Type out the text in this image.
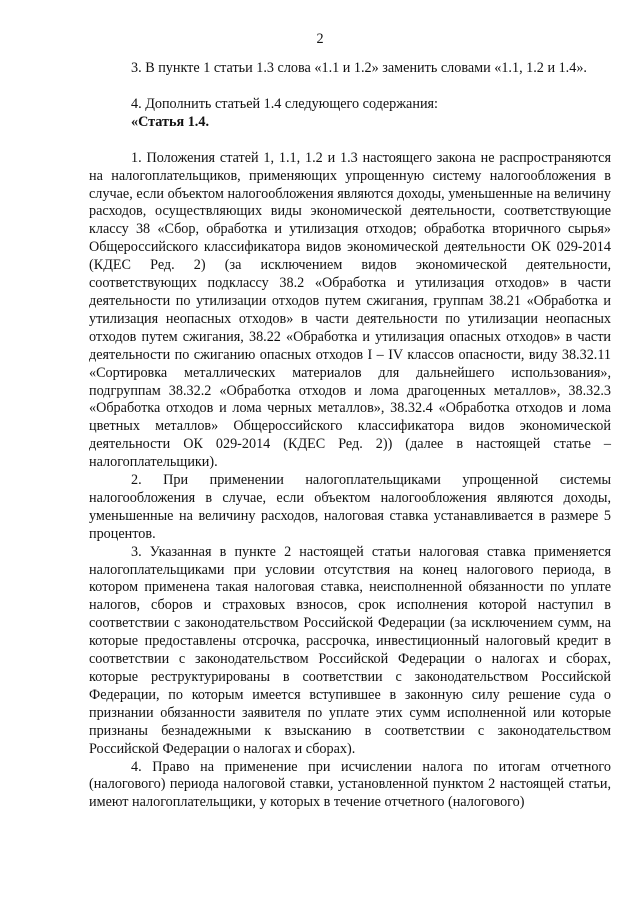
2

3. В пункте 1 статьи 1.3 слова «1.1 и 1.2» заменить словами «1.1, 1.2 и 1.4».

4. Дополнить статьей 1.4 следующего содержания:

«Статья 1.4.

1. Положения статей 1, 1.1, 1.2 и 1.3 настоящего закона не распространяются на налогоплательщиков, применяющих упрощенную систему налогообложения в случае, если объектом налогообложения являются доходы, уменьшенные на величину расходов, осуществляющих виды экономической деятельности, соответствующие классу 38 «Сбор, обработка и утилизация отходов; обработка вторичного сырья» Общероссийского классификатора видов экономической деятельности ОК 029-2014 (КДЕС Ред. 2) (за исключением видов экономической деятельности, соответствующих подклассу 38.2 «Обработка и утилизация отходов» в части деятельности по утилизации отходов путем сжигания, группам 38.21 «Обработка и утилизация неопасных отходов» в части деятельности по утилизации неопасных отходов путем сжигания, 38.22 «Обработка и утилизация опасных отходов» в части деятельности по сжиганию опасных отходов I – IV классов опасности, виду 38.32.11 «Сортировка металлических материалов для дальнейшего использования», подгруппам 38.32.2 «Обработка отходов и лома драгоценных металлов», 38.32.3 «Обработка отходов и лома черных металлов», 38.32.4 «Обработка отходов и лома цветных металлов» Общероссийского классификатора видов экономической деятельности ОК 029-2014 (КДЕС Ред. 2)) (далее в настоящей статье – налогоплательщики).

2. При применении налогоплательщиками упрощенной системы налогообложения в случае, если объектом налогообложения являются доходы, уменьшенные на величину расходов, налоговая ставка устанавливается в размере 5 процентов.

3. Указанная в пункте 2 настоящей статьи налоговая ставка применяется налогоплательщиками при условии отсутствия на конец налогового периода, в котором применена такая налоговая ставка, неисполненной обязанности по уплате налогов, сборов и страховых взносов, срок исполнения которой наступил в соответствии с законодательством Российской Федерации (за исключением сумм, на которые предоставлены отсрочка, рассрочка, инвестиционный налоговый кредит в соответствии с законодательством Российской Федерации о налогах и сборах, которые реструктурированы в соответствии с законодательством Российской Федерации, по которым имеется вступившее в законную силу решение суда о признании обязанности заявителя по уплате этих сумм исполненной или которые признаны безнадежными к взысканию в соответствии с законодательством Российской Федерации о налогах и сборах).

4. Право на применение при исчислении налога по итогам отчетного (налогового) периода налоговой ставки, установленной пунктом 2 настоящей статьи, имеют налогоплательщики, у которых в течение отчетного (налогового)
